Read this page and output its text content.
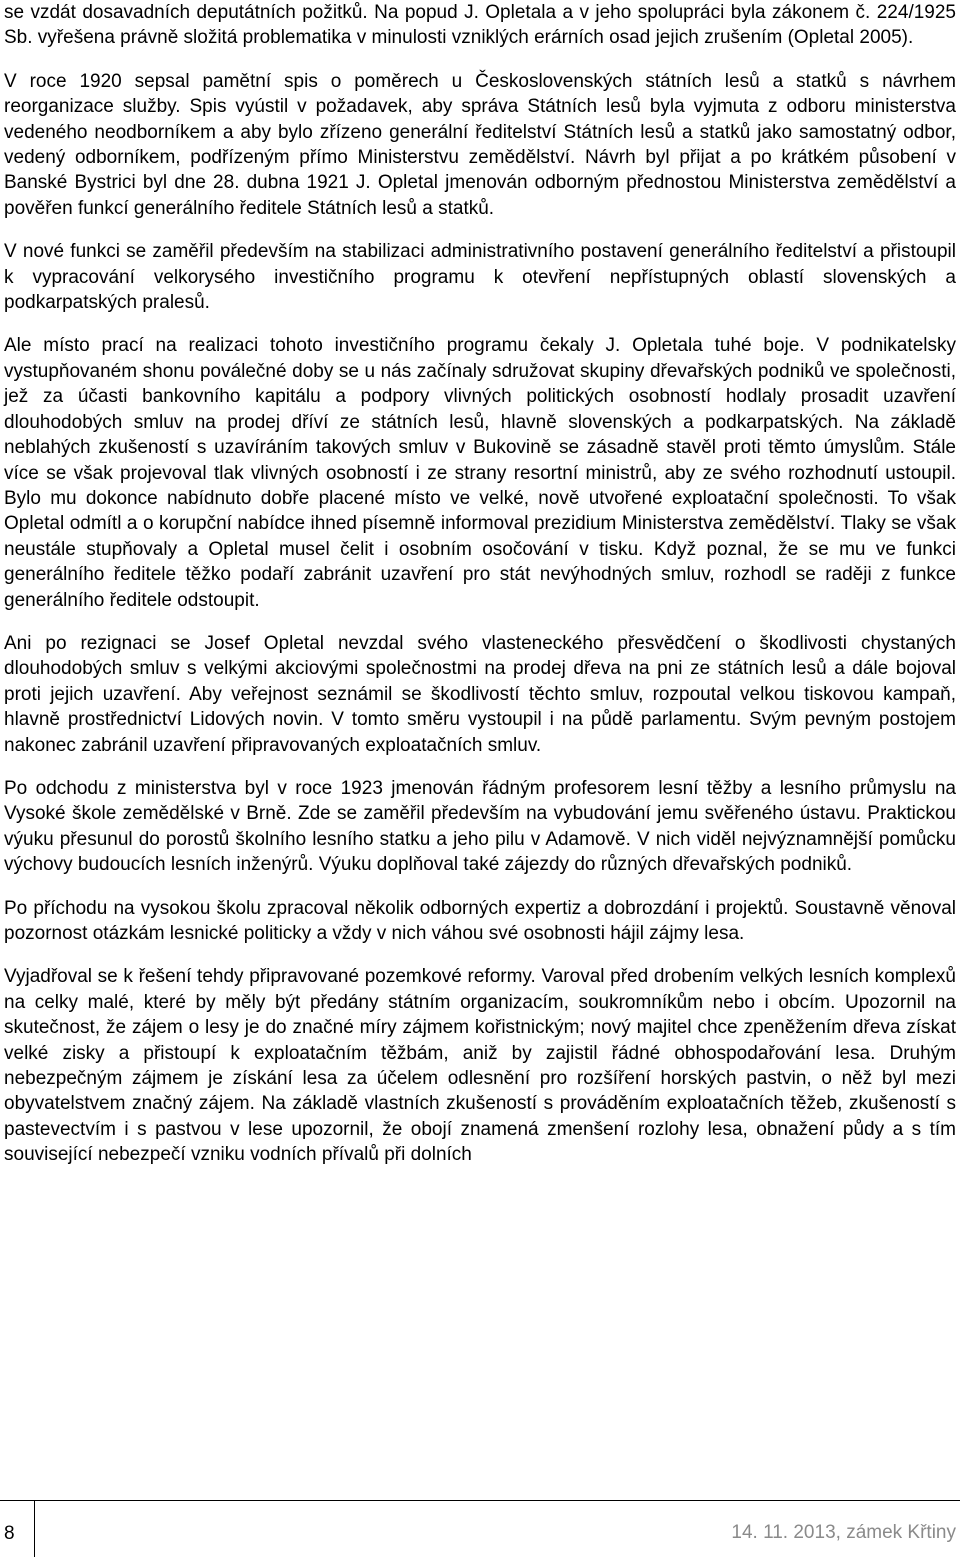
se vzdát dosavadních deputátních požitků. Na popud J. Opletala a v jeho spolupráci byla zákonem č. 224/1925 Sb. vyřešena právně složitá problematika v minulosti vzniklých erárních osad jejich zrušením (Opletal 2005).

V roce 1920 sepsal pamětní spis o poměrech u Československých státních lesů a statků s návrhem reorganizace služby. Spis vyústil v požadavek, aby správa Státních lesů byla vyjmuta z odboru ministerstva vedeného neodborníkem a aby bylo zřízeno generální ředitelství Státních lesů a statků jako samostatný odbor, vedený odborníkem, podřízeným přímo Ministerstvu zemědělství. Návrh byl přijat a po krátkém působení v Banské Bystrici byl dne 28. dubna 1921 J. Opletal jmenován odborným přednostou Ministerstva zemědělství a pověřen funkcí generálního ředitele Státních lesů a statků.

V nové funkci se zaměřil především na stabilizaci administrativního postavení generálního ředitelství a přistoupil k vypracování velkorysého investičního programu k otevření nepřístupných oblastí slovenských a podkarpatských pralesů.

Ale místo prací na realizaci tohoto investičního programu čekaly J. Opletala tuhé boje. V podnikatelsky vystupňovaném shonu poválečné doby se u nás začínaly sdružovat skupiny dřevařských podniků ve společnosti, jež za účasti bankovního kapitálu a podpory vlivných politických osobností hodlaly prosadit uzavření dlouhodobých smluv na prodej dříví ze státních lesů, hlavně slovenských a podkarpatských. Na základě neblahých zkušeností s uzavíráním takových smluv v Bukovině se zásadně stavěl proti těmto úmyslům. Stále více se však projevoval tlak vlivných osobností i ze strany resortní ministrů, aby ze svého rozhodnutí ustoupil. Bylo mu dokonce nabídnuto dobře placené místo ve velké, nově utvořené exploatační společnosti. To však Opletal odmítl a o korupční nabídce ihned písemně informoval prezidium Ministerstva zemědělství. Tlaky se však neustále stupňovaly a Opletal musel čelit i osobním osočování v tisku. Když poznal, že se mu ve funkci generálního ředitele těžko podaří zabránit uzavření pro stát nevýhodných smluv, rozhodl se raději z funkce generálního ředitele odstoupit.

Ani po rezignaci se Josef Opletal nevzdal svého vlasteneckého přesvědčení o škodlivosti chystaných dlouhodobých smluv s velkými akciovými společnostmi na prodej dřeva na pni ze státních lesů a dále bojoval proti jejich uzavření. Aby veřejnost seznámil se škodlivostí těchto smluv, rozpoutal velkou tiskovou kampaň, hlavně prostřednictví Lidových novin. V tomto směru vystoupil i na půdě parlamentu. Svým pevným postojem nakonec zabránil uzavření připravovaných exploatačních smluv.

Po odchodu z ministerstva byl v roce 1923 jmenován řádným profesorem lesní těžby a lesního průmyslu na Vysoké škole zemědělské v Brně. Zde se zaměřil především na vybudování jemu svěřeného ústavu. Praktickou výuku přesunul do porostů školního lesního statku a jeho pilu v Adamově. V nich viděl nejvýznamnější pomůcku výchovy budoucích lesních inženýrů. Výuku doplňoval také zájezdy do různých dřevařských podniků.

Po příchodu na vysokou školu zpracoval několik odborných expertiz a dobrozdání i projektů. Soustavně věnoval pozornost otázkám lesnické politicky a vždy v nich váhou své osobnosti hájil zájmy lesa.

Vyjadřoval se k řešení tehdy připravované pozemkové reformy. Varoval před drobením velkých lesních komplexů na celky malé, které by měly být předány státním organizacím, soukromníkům nebo i obcím. Upozornil na skutečnost, že zájem o lesy je do značné míry zájmem kořistnickým; nový majitel chce zpeněžením dřeva získat velké zisky a přistoupí k exploatačním těžbám, aniž by zajistil řádné obhospodařování lesa. Druhým nebezpečným zájmem je získání lesa za účelem odlesnění pro rozšíření horských pastvin, o něž byl mezi obyvatelstvem značný zájem. Na základě vlastních zkušeností s prováděním exploatačních těžeb, zkušeností s pastevectvím i s pastvou v lese upozornil, že obojí znamená zmenšení rozlohy lesa, obnažení půdy a s tím související nebezpečí vzniku vodních přívalů při dolních

8	14. 11. 2013, zámek Křtiny
